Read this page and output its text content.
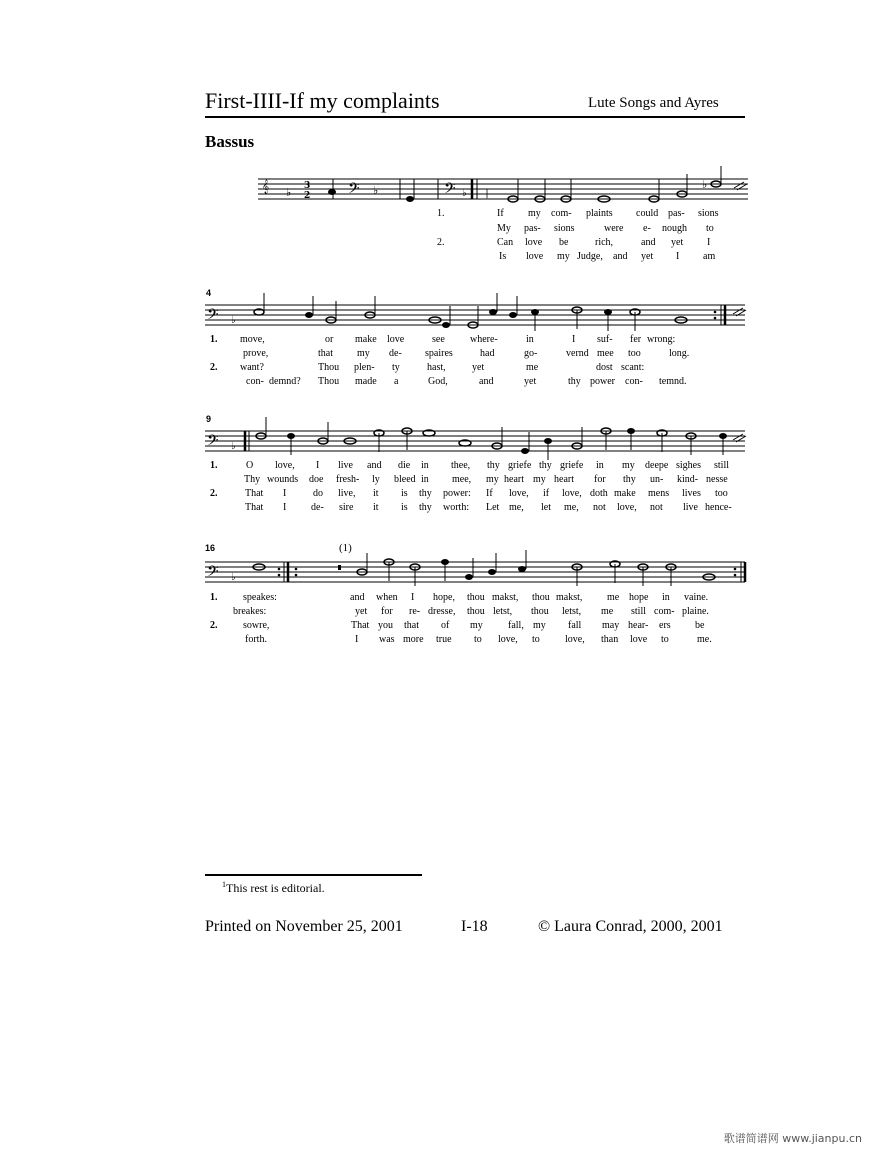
First-IIII-If my complaints	Lute Songs and Ayres
Bassus
𝄞 ♭ 3
2 𝄢 ♭	𝄢 ♭ 𝄁
♭
1.	If my com- plaints could pas- sions
My pas- sions	were e- nough to
2.	Can love be	rich,	and yet I
Is love my Judge, and yet I am
4
𝄢 ♭
1. move,	or make love	see	where-	in	I suf- fer wrong:
prove,	that my de- spaires	had	go-	vernd mee too	long.
2. want?	Thou plen- ty	hast,	yet	me	dost scant:
con- demnd? Thou made a	God,	and	yet	thy power con- temnd.
9
𝄢 ♭
1.	O love, I live and die in thee, thy griefe thy griefe in my deepe sighes still
Thy wounds doe fresh- ly bleed in mee, my heart my heart for thy un- kind- nesse
2.	That I	do live, it is thy power: If love, if love, doth make mens lives too
That I de- sire it is thy worth: Let me, let me, not love, not live hence-
16	(1)
𝄢 ♭
1.	speakes:	and when I hope, thou makst, thou makst, me hope in vaine.
breakes:	yet for re- dresse, thou letst, thou letst, me still com- plaine.
2.	sowre,	That you that of my	fall, my fall may hear- ers be
forth.	I was more true to love, to	love, than love to	me.
$^1$This rest is editorial.
Printed on November 25, 2001	I-18	© Laura Conrad, 2000, 2001
歌谱简谱网 www.jianpu.cn
